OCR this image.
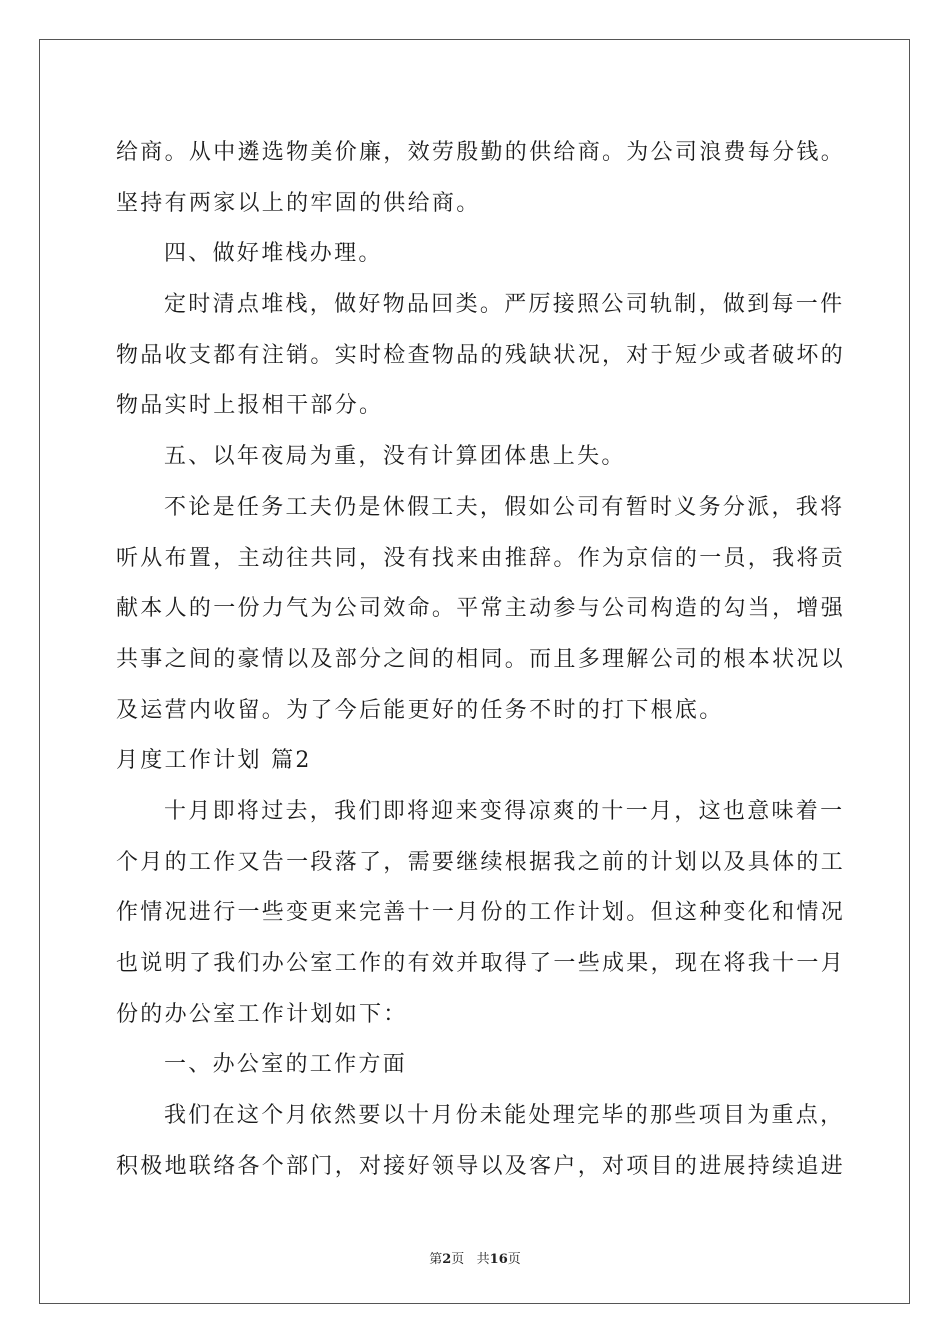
给商。从中遴选物美价廉，效劳殷勤的供给商。为公司浪费每分钱。
坚持有两家以上的牢固的供给商。
四、做好堆栈办理。
定时清点堆栈，做好物品回类。严厉接照公司轨制，做到每一件
物品收支都有注销。实时检查物品的残缺状况，对于短少或者破坏的
物品实时上报相干部分。
五、以年夜局为重，没有计算团体患上失。
不论是任务工夫仍是休假工夫，假如公司有暂时义务分派，我将
听从布置，主动往共同，没有找来由推辞。作为京信的一员，我将贡
献本人的一份力气为公司效命。平常主动参与公司构造的勾当，增强
共事之间的豪情以及部分之间的相同。而且多理解公司的根本状况以
及运营内收留。为了今后能更好的任务不时的打下根底。
月度工作计划 篇2
十月即将过去，我们即将迎来变得凉爽的十一月，这也意味着一
个月的工作又告一段落了，需要继续根据我之前的计划以及具体的工
作情况进行一些变更来完善十一月份的工作计划。但这种变化和情况
也说明了我们办公室工作的有效并取得了一些成果，现在将我十一月
份的办公室工作计划如下：
一、办公室的工作方面
我们在这个月依然要以十月份未能处理完毕的那些项目为重点，
积极地联络各个部门，对接好领导以及客户，对项目的进展持续追进
第2页   共16页
